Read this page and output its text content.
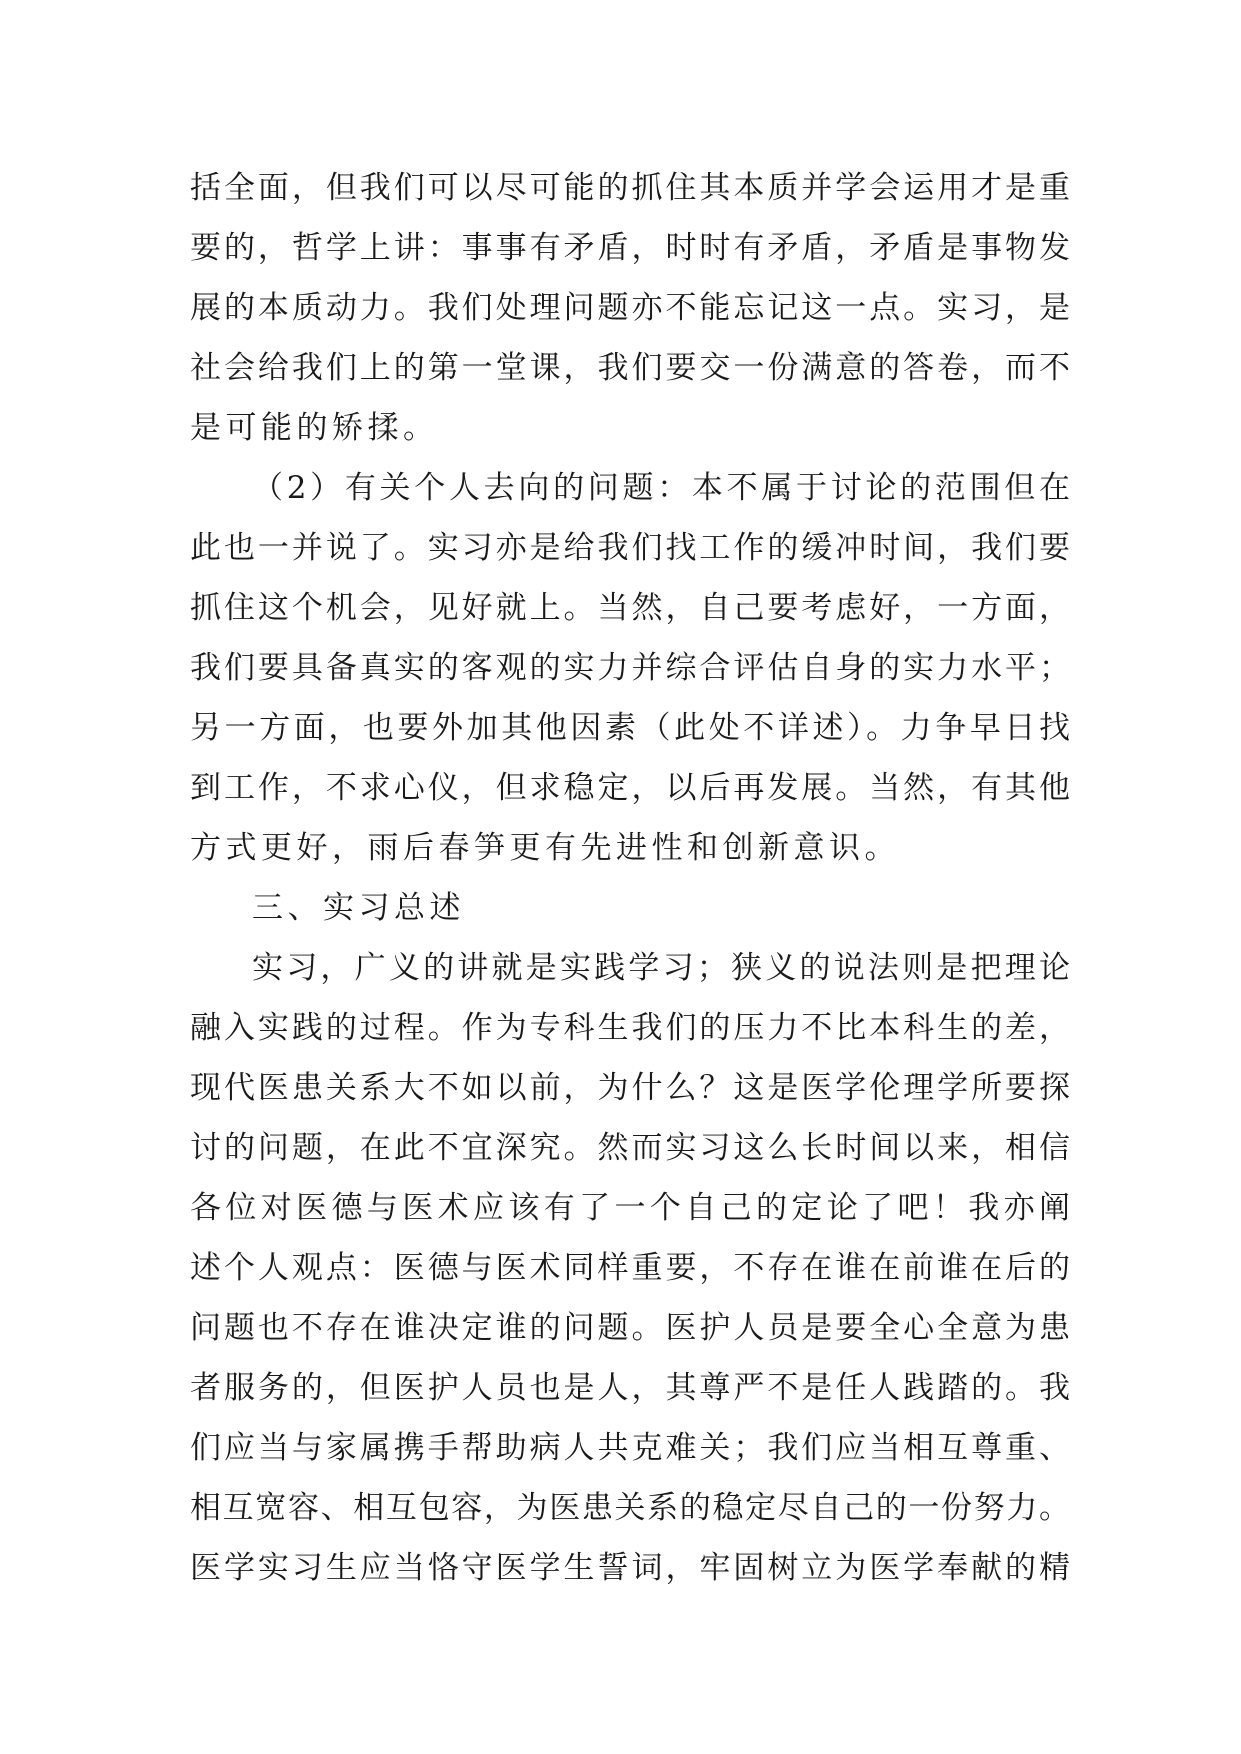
括全面，但我们可以尽可能的抓住其本质并学会运用才是重
要的，哲学上讲：事事有矛盾，时时有矛盾，矛盾是事物发
展的本质动力。我们处理问题亦不能忘记这一点。实习，是
社会给我们上的第一堂课，我们要交一份满意的答卷，而不
是可能的矫揉。
（2）有关个人去向的问题：本不属于讨论的范围但在
此也一并说了。实习亦是给我们找工作的缓冲时间，我们要
抓住这个机会，见好就上。当然，自己要考虑好，一方面，
我们要具备真实的客观的实力并综合评估自身的实力水平；
另一方面，也要外加其他因素（此处不详述）。力争早日找
到工作，不求心仪，但求稳定，以后再发展。当然，有其他
方式更好，雨后春笋更有先进性和创新意识。
三、实习总述
实习，广义的讲就是实践学习；狭义的说法则是把理论
融入实践的过程。作为专科生我们的压力不比本科生的差，
现代医患关系大不如以前，为什么？这是医学伦理学所要探
讨的问题，在此不宜深究。然而实习这么长时间以来，相信
各位对医德与医术应该有了一个自己的定论了吧！我亦阐
述个人观点：医德与医术同样重要，不存在谁在前谁在后的
问题也不存在谁决定谁的问题。医护人员是要全心全意为患
者服务的，但医护人员也是人，其尊严不是任人践踏的。我
们应当与家属携手帮助病人共克难关；我们应当相互尊重、
相互宽容、相互包容，为医患关系的稳定尽自己的一份努力。
医学实习生应当恪守医学生誓词，牢固树立为医学奉献的精
